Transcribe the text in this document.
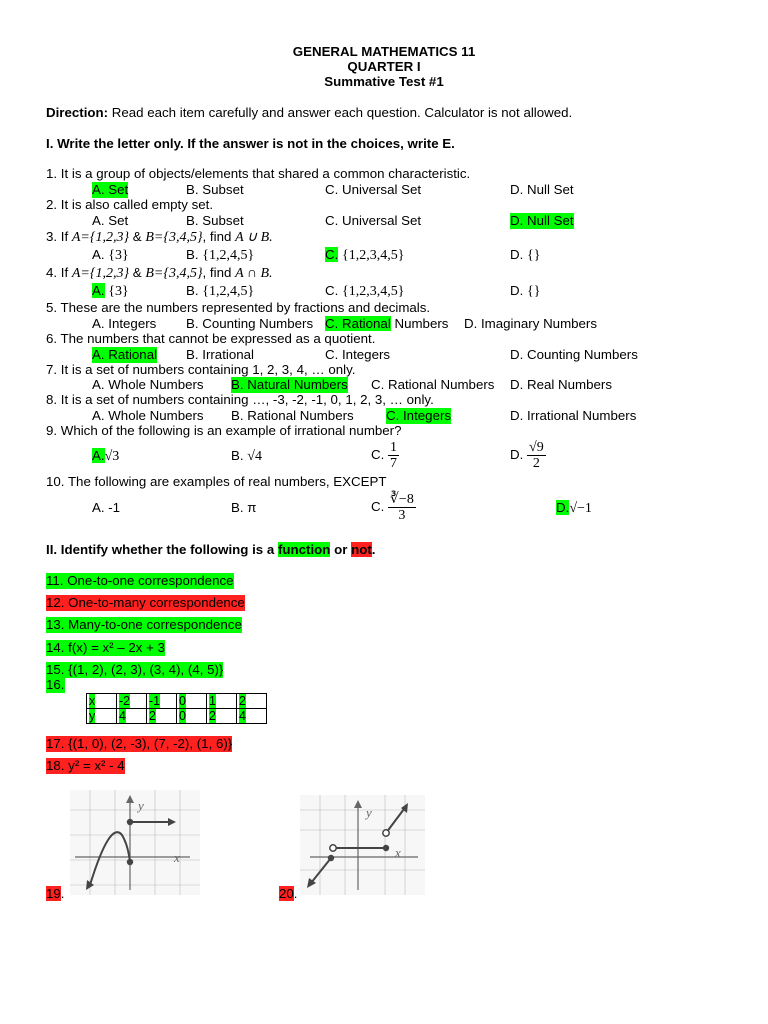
GENERAL MATHEMATICS 11
QUARTER I
Summative Test #1
Direction: Read each item carefully and answer each question. Calculator is not allowed.
I. Write the letter only. If the answer is not in the choices, write E.
1. It is a group of objects/elements that shared a common characteristic.
A. Set	B. Subset	C. Universal Set	D. Null Set
2. It is also called empty set.
A. Set	B. Subset	C. Universal Set	D. Null Set
3. If A={1,2,3} & B={3,4,5}, find A ∪ B.
A. {3}	B. {1,2,4,5}	C. {1,2,3,4,5}	D. {}
4. If A={1,2,3} & B={3,4,5}, find A ∩ B.
A. {3}	B. {1,2,4,5}	C. {1,2,3,4,5}	D. {}
5. These are the numbers represented by fractions and decimals.
A. Integers B. Counting Numbers C. Rational Numbers D. Imaginary Numbers
6. The numbers that cannot be expressed as a quotient.
A. Rational B. Irrational	C. Integers	D. Counting Numbers
7. It is a set of numbers containing 1, 2, 3, 4, … only.
A. Whole Numbers B. Natural Numbers C. Rational Numbers D. Real Numbers
8. It is a set of numbers containing …, -3, -2, -1, 0, 1, 2, 3, … only.
A. Whole Numbers B. Rational Numbers C. Integers	D. Irrational Numbers
9. Which of the following is an example of irrational number?
A.√3	B. √4	C. $\frac{1}{7}$	D. $\frac{√9}{2}$
10. The following are examples of real numbers, EXCEPT
A. -1	B. π	C. $\frac{∛-8}{3}$	D.√−1
II. Identify whether the following is a function or not.
11. One-to-one correspondence
12. One-to-many correspondence
13. Many-to-one correspondence
14. f(x) = x² – 2x + 3
15. {(1, 2), (2, 3), (3, 4), (4, 5)}
16.
x	-2	-1	0	1	2
y	4	2	0	2	4
17. {(1, 0), (2, -3), (7, -2), (1, 6)}
18. y² = x² - 4
y
x
19.
y
x
20.
